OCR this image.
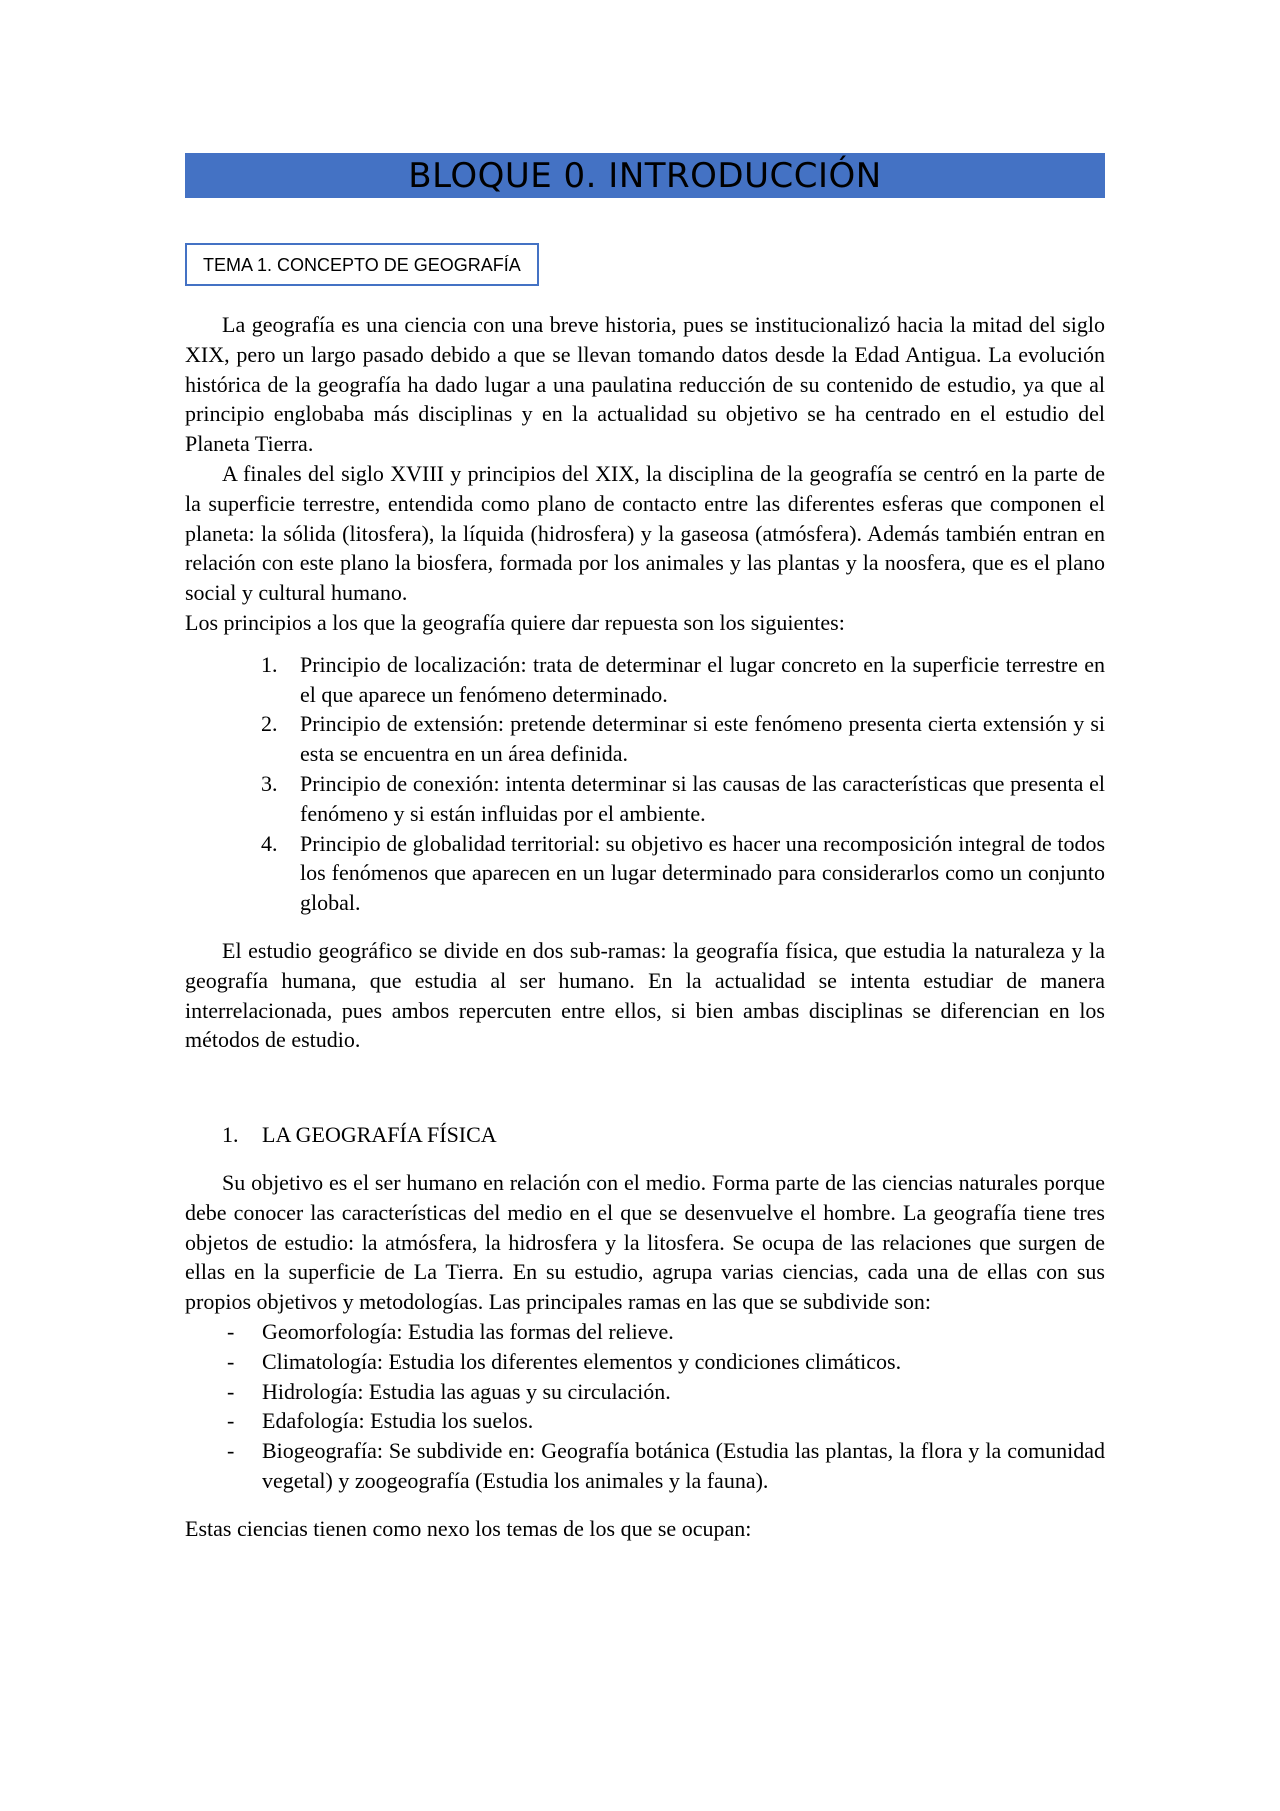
BLOQUE 0. INTRODUCCIÓN
TEMA 1. CONCEPTO DE GEOGRAFÍA

La geografía es una ciencia con una breve historia, pues se institucionalizó hacia la mitad del siglo XIX, pero un largo pasado debido a que se llevan tomando datos desde la Edad Antigua. La evolución histórica de la geografía ha dado lugar a una paulatina reducción de su contenido de estudio, ya que al principio englobaba más disciplinas y en la actualidad su objetivo se ha centrado en el estudio del Planeta Tierra.

A finales del siglo XVIII y principios del XIX, la disciplina de la geografía se centró en la parte de la superficie terrestre, entendida como plano de contacto entre las diferentes esferas que componen el planeta: la sólida (litosfera), la líquida (hidrosfera) y la gaseosa (atmósfera). Además también entran en relación con este plano la biosfera, formada por los animales y las plantas y la noosfera, que es el plano social y cultural humano.

Los principios a los que la geografía quiere dar repuesta son los siguientes:

1. Principio de localización: trata de determinar el lugar concreto en la superficie terrestre en el que aparece un fenómeno determinado.
2. Principio de extensión: pretende determinar si este fenómeno presenta cierta extensión y si esta se encuentra en un área definida.
3. Principio de conexión: intenta determinar si las causas de las características que presenta el fenómeno y si están influidas por el ambiente.
4. Principio de globalidad territorial: su objetivo es hacer una recomposición integral de todos los fenómenos que aparecen en un lugar determinado para considerarlos como un conjunto global.

El estudio geográfico se divide en dos sub-ramas: la geografía física, que estudia la naturaleza y la geografía humana, que estudia al ser humano. En la actualidad se intenta estudiar de manera interrelacionada, pues ambos repercuten entre ellos, si bien ambas disciplinas se diferencian en los métodos de estudio.

1. LA GEOGRAFÍA FÍSICA

Su objetivo es el ser humano en relación con el medio. Forma parte de las ciencias naturales porque debe conocer las características del medio en el que se desenvuelve el hombre. La geografía tiene tres objetos de estudio: la atmósfera, la hidrosfera y la litosfera. Se ocupa de las relaciones que surgen de ellas en la superficie de La Tierra. En su estudio, agrupa varias ciencias, cada una de ellas con sus propios objetivos y metodologías. Las principales ramas en las que se subdivide son:

- Geomorfología: Estudia las formas del relieve.
- Climatología: Estudia los diferentes elementos y condiciones climáticos.
- Hidrología: Estudia las aguas y su circulación.
- Edafología: Estudia los suelos.
- Biogeografía: Se subdivide en: Geografía botánica (Estudia las plantas, la flora y la comunidad vegetal) y zoogeografía (Estudia los animales y la fauna).

Estas ciencias tienen como nexo los temas de los que se ocupan:
